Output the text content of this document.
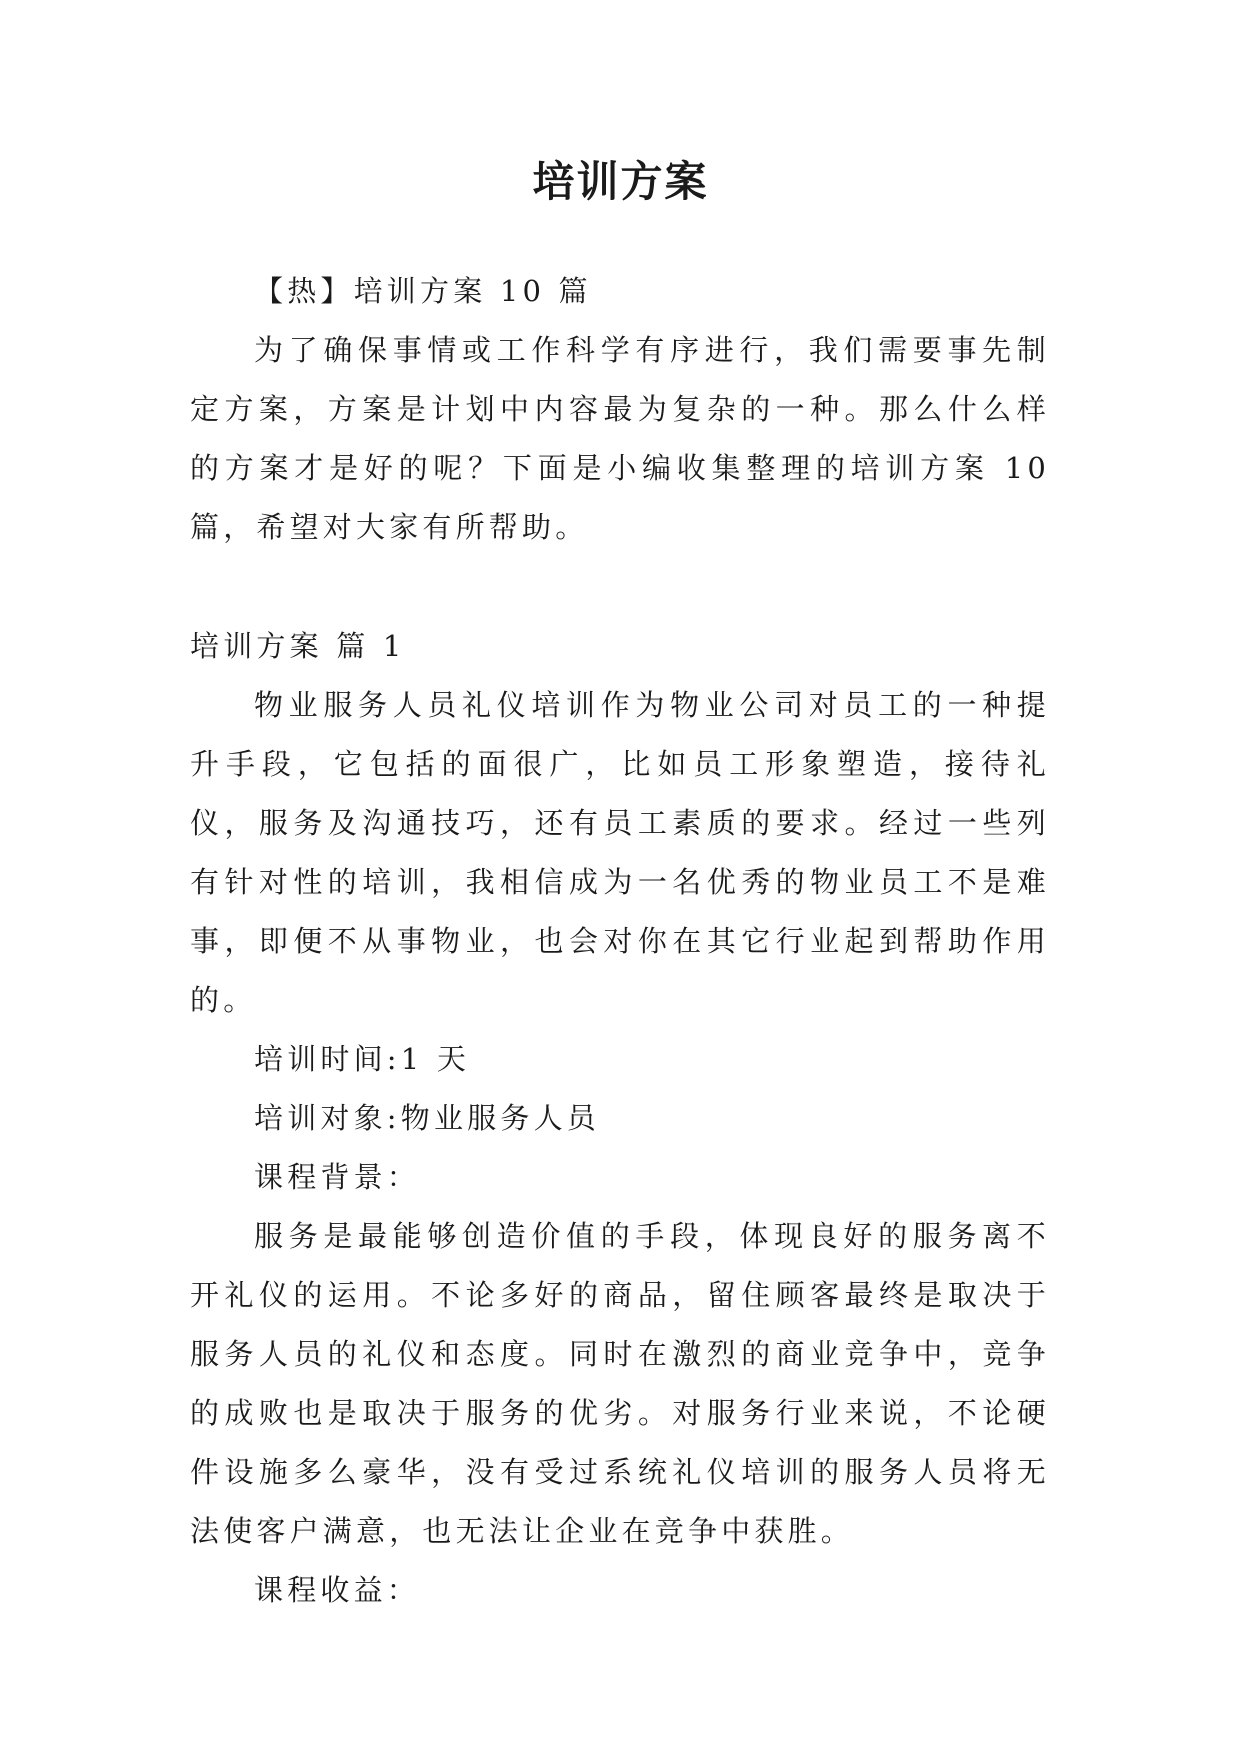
培训方案

【热】培训方案 10 篇

为了确保事情或工作科学有序进行，我们需要事先制定方案，方案是计划中内容最为复杂的一种。那么什么样的方案才是好的呢？下面是小编收集整理的培训方案 10 篇，希望对大家有所帮助。

培训方案 篇 1

物业服务人员礼仪培训作为物业公司对员工的一种提升手段，它包括的面很广，比如员工形象塑造，接待礼仪，服务及沟通技巧，还有员工素质的要求。经过一些列有针对性的培训，我相信成为一名优秀的物业员工不是难事，即便不从事物业，也会对你在其它行业起到帮助作用的。

培训时间:1 天

培训对象:物业服务人员

课程背景：

服务是最能够创造价值的手段，体现良好的服务离不开礼仪的运用。不论多好的商品，留住顾客最终是取决于服务人员的礼仪和态度。同时在激烈的商业竞争中，竞争的成败也是取决于服务的优劣。对服务行业来说，不论硬件设施多么豪华，没有受过系统礼仪培训的服务人员将无法使客户满意，也无法让企业在竞争中获胜。

课程收益：
